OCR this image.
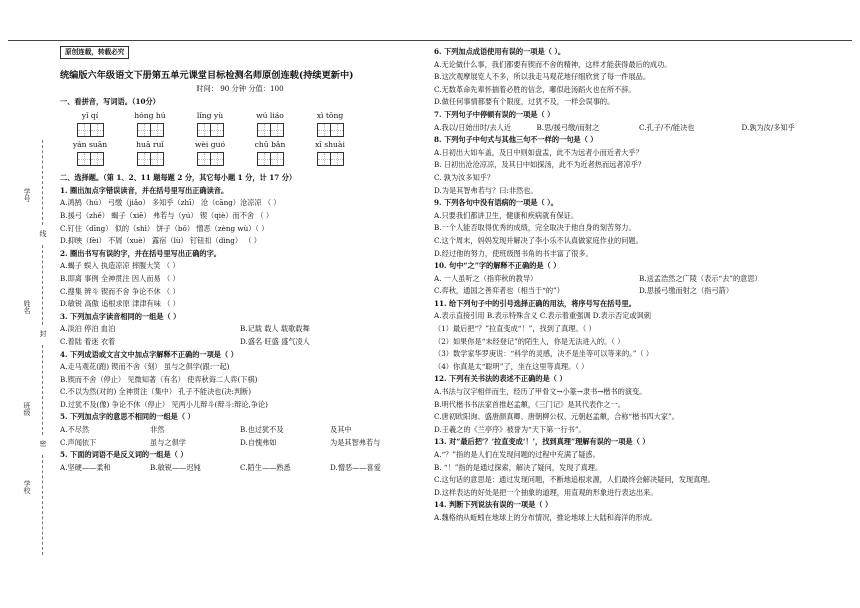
学号
姓名
班级
学校
线
封
密
原创连载，转载必究
统编版六年级语文下册第五单元课堂目标检测名师原创连载(持续更新中)
时间： 90 分钟 分值：100
一、看拼音，写词语。（10分）
yǐ qí	hóng hú	lǐng yù	wú liáo	xì tǒng
yán suān	huā ruǐ	wèi guó	chū bǎn	xī shuài
二、选择题。（第 1、2、11 题每题 2 分，其它每小题 1 分，计 17 分）
1. 圈出加点字错误读音，并在括号里写出正确读音。
A.鸿鹄（hú） 弓缴（jiǎo） 多知乎（zhī） 沧（cāng）沧凉凉 （ ）
B.援弓（zhě） 蝎子（xiē） 弗若与（yú） 锲（qiè）而不舍 （ ）
C.钉住（dīng） 似的（shì） 饼子（bǒ） 憎恶（zèng wù）（ ）
D.抑映（fèi） 不屑（xuè） 露宿（lù） 钉钮扣（dìng） （ ）
2. 圈出书写有误的字，并在括号里写出正确的字。
A.蝎子 蜈入 执造凉凉 摔腹大笑 （ ）
B.即离 事例 全神贯注 因人而易 （ ）
C.搜集 辨斗 锲而不舍 争论不休 （ ）
D.敏锐 高傲 追根求原 津津有味 （ ）
3. 下列加点字读音相同的一组是（ ）
A.淡泊 停泊 血泊	B.记载 载人 载歌载舞
C.着陆 着迷 衣着	D.盛名 旺盛 盛气凌人
4. 下列成语或文言文中加点字解释不正确的一项是（ ）
A.走马观花(跑) 锲而不舍（刻） 虽与之俱学(跟:一起)
B.锲而不舍（停止） 见微知著（有名） 使弈秋诲二人弈(下棋)
C.不以为然(对的) 全神贯注（集中） 孔子不能决也(决:判断)
D.过犹不及(像) 争论不休（停止） 见两小儿辩斗(辩斗:辩论,争论)
5. 下列加点字的意思不相同的一组是（ ）
A.不尽然	非然	B.也过犹不及	及其中
C.声闻依下	虽与之俱学	D.自愧弗如	为是其智弗若与
5. 下面的词语不是反义词的一组是（ ）
A.坚硬——柔和	B.敏锐——迟钝	C.陌生——熟悉	D.憎恶——喜爱
6. 下列加点成语使用有误的一项是（ ）。
A.无论做什么事，我们都要有锲而不舍的精神，这样才能获得最后的成功。
B.这次观摩展览人不多，所以我走马观花地仔细欣赏了每一件展品。
C.无数革命先辈怀揣着必胜的信念，嘟似赴汤蹈火也在所不辞。
D.做任何事情都要有个限度，过犹不及，一样会误事的。
7. 下列句子中停顿有误的一项是（ ）
A.我以/日始出时/去人近	B.思/援弓缴/而射之	C.孔子/不/能决也	D.孰为汝/多知乎
8. 下列句子中句式与其他三句不一样的一句是（ ）
A.日初出大如车盖，及日中则如盘盂，此不为远者小而近者大乎？
B. 日初出沧沧凉凉，及其日中如探汤，此不为近者热而远者凉乎？
C. 孰为汝多知乎？
D.为是其智弗若与？曰:非然也。
9. 下列各句中没有语病的一项是（ ）。
A.只要我们都讲卫生，健康和疾病就有保证。
B.一个人能否取得优秀的成绩，完全取决于他自身的刻苦努力。
C.这个周末，妈妈发现并解决了李小乐不认真做家庭作业的问题。
D.经过他的努力，使班级图书角的书丰富了很多。
10. 句中“之”字的解释不正确的是（ ）
A. 一人虽听之（指弈秋的教导）	B.送孟浩然之广陵（表示“去”的意思）
C.弈秋，通国之善弈者也（相当于“的”）	D.思援弓缴而射之（指弓箭）
11. 给下列句子中的引号选择正确的用法，将序号写在括号里。
A.表示直接引用 B.表示特殊含义 C.表示着重强调 D.表示否定或讽刺
（1）最后把“？”拉直变成“！”，找到了真理。（ ）
（2）如果你是“未经登记”的陌生人，你是无法进入的。（ ）
（3）数学家华罗庚说：“科学的灵感，决不是坐等可以等来的。”（ ）
（4）你真是太“聪明”了，坐在这里等真理。（ ）
12. 下列有关书法的表述不正确的是（ ）
A.书法与汉字相伴而生，经历了甲骨文→小篆→隶书→楷书的演变。
B.明代楷书书法家首推赵孟頫，《三门记》是其代表作之一。
C.唐初欧阳询、盛唐颜真卿、唐朝柳公权、元朝赵孟頫，合称“楷书四大家”。
D.王羲之的《兰亭序》被誉为“天下第一行书”。
13. 对“最后把‘？’拉直变成‘！’，找到真理”理解有误的一项是（ ）
A.“？”指的是人们在发现问题的过程中充满了疑惑。
B. “！”指的是通过探索，解决了疑问，发现了真理。
C.这句话的意思是：通过发现问题，不断地追根求源，人们最终会解决疑问，发现真理。
D.这样表达的好处是把一个抽象的道理，用直观的形象进行表达出来。
14. 判断下列说法有误的一项是（ ）
A.魏格纳从蚯蚓在地球上的分布情况，推论地球上大陆和海洋的形成。
